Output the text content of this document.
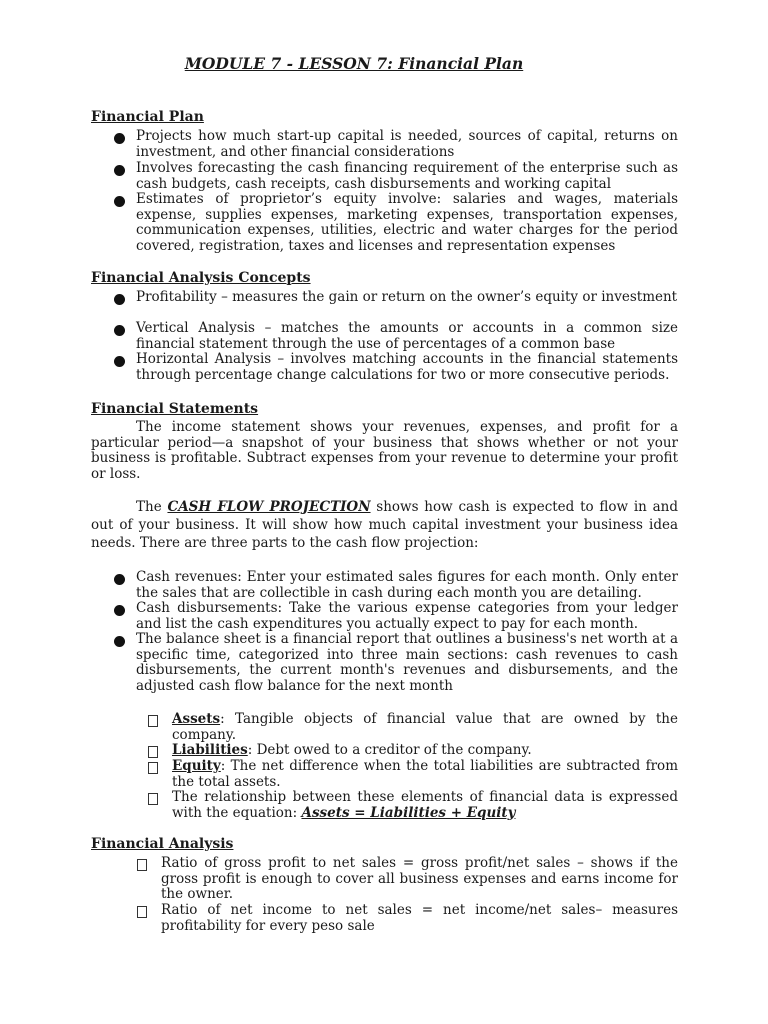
MODULE 7 - LESSON 7: Financial Plan
Financial Plan
Projects how much start-up capital is needed, sources of capital, returns on investment, and other financial considerations
Involves forecasting the cash financing requirement of the enterprise such as cash budgets, cash receipts, cash disbursements and working capital
Estimates of proprietor’s equity involve: salaries and wages, materials expense, supplies expenses, marketing expenses, transportation expenses, communication expenses, utilities, electric and water charges for the period covered, registration, taxes and licenses and representation expenses
Financial Analysis Concepts
Profitability – measures the gain or return on the owner’s equity or investment
Vertical Analysis – matches the amounts or accounts in a common size financial statement through the use of percentages of a common base
Horizontal Analysis – involves matching accounts in the financial statements through percentage change calculations for two or more consecutive periods.
Financial Statements
The income statement shows your revenues, expenses, and profit for a particular period—a snapshot of your business that shows whether or not your business is profitable. Subtract expenses from your revenue to determine your profit or loss.
The CASH FLOW PROJECTION shows how cash is expected to flow in and out of your business. It will show how much capital investment your business idea needs. There are three parts to the cash flow projection:
Cash revenues: Enter your estimated sales figures for each month. Only enter the sales that are collectible in cash during each month you are detailing.
Cash disbursements: Take the various expense categories from your ledger and list the cash expenditures you actually expect to pay for each month.
The balance sheet is a financial report that outlines a business's net worth at a specific time, categorized into three main sections: cash revenues to cash disbursements, the current month's revenues and disbursements, and the adjusted cash flow balance for the next month
Assets: Tangible objects of financial value that are owned by the company.
Liabilities: Debt owed to a creditor of the company.
Equity: The net difference when the total liabilities are subtracted from the total assets.
The relationship between these elements of financial data is expressed with the equation: Assets = Liabilities + Equity
Financial Analysis
Ratio of gross profit to net sales = gross profit/net sales – shows if the gross profit is enough to cover all business expenses and earns income for the owner.
Ratio of net income to net sales = net income/net sales– measures profitability for every peso sale
